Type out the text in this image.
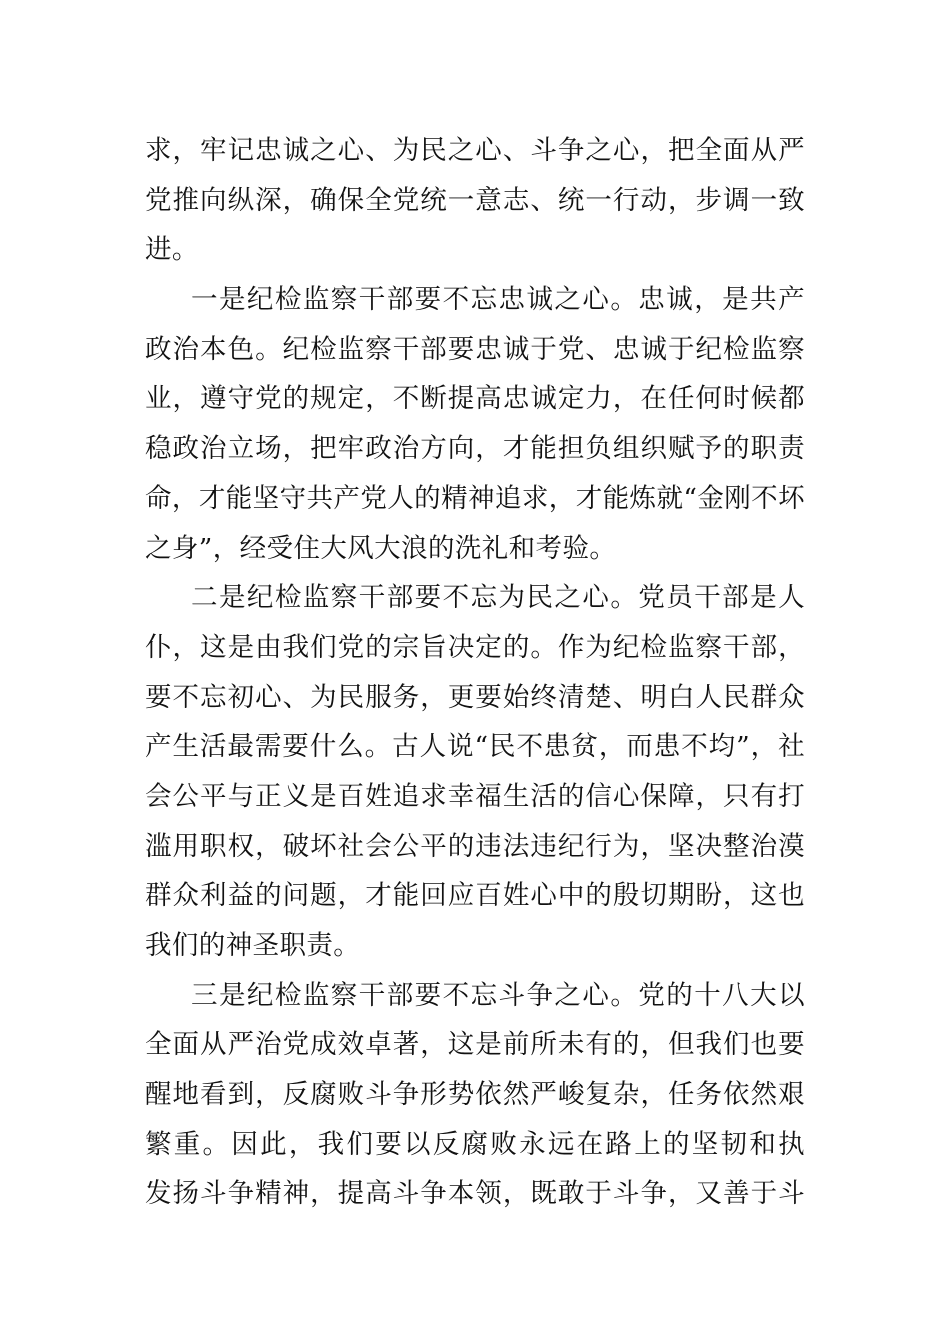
求，牢记忠诚之心、为民之心、斗争之心，把全面从严
党推向纵深，确保全党统一意志、统一行动，步调一致
进。
一是纪检监察干部要不忘忠诚之心。忠诚，是共产
政治本色。纪检监察干部要忠诚于党、忠诚于纪检监察
业，遵守党的规定，不断提高忠诚定力，在任何时候都
稳政治立场，把牢政治方向，才能担负组织赋予的职责
命，才能坚守共产党人的精神追求，才能炼就“金刚不坏
之身”，经受住大风大浪的洗礼和考验。
二是纪检监察干部要不忘为民之心。党员干部是人
仆，这是由我们党的宗旨决定的。作为纪检监察干部，
要不忘初心、为民服务，更要始终清楚、明白人民群众
产生活最需要什么。古人说“民不患贫，而患不均”，社
会公平与正义是百姓追求幸福生活的信心保障，只有打
滥用职权，破坏社会公平的违法违纪行为，坚决整治漠
群众利益的问题，才能回应百姓心中的殷切期盼，这也
我们的神圣职责。
三是纪检监察干部要不忘斗争之心。党的十八大以
全面从严治党成效卓著，这是前所未有的，但我们也要
醒地看到，反腐败斗争形势依然严峻复杂，任务依然艰
繁重。因此，我们要以反腐败永远在路上的坚韧和执
发扬斗争精神，提高斗争本领，既敢于斗争，又善于斗
